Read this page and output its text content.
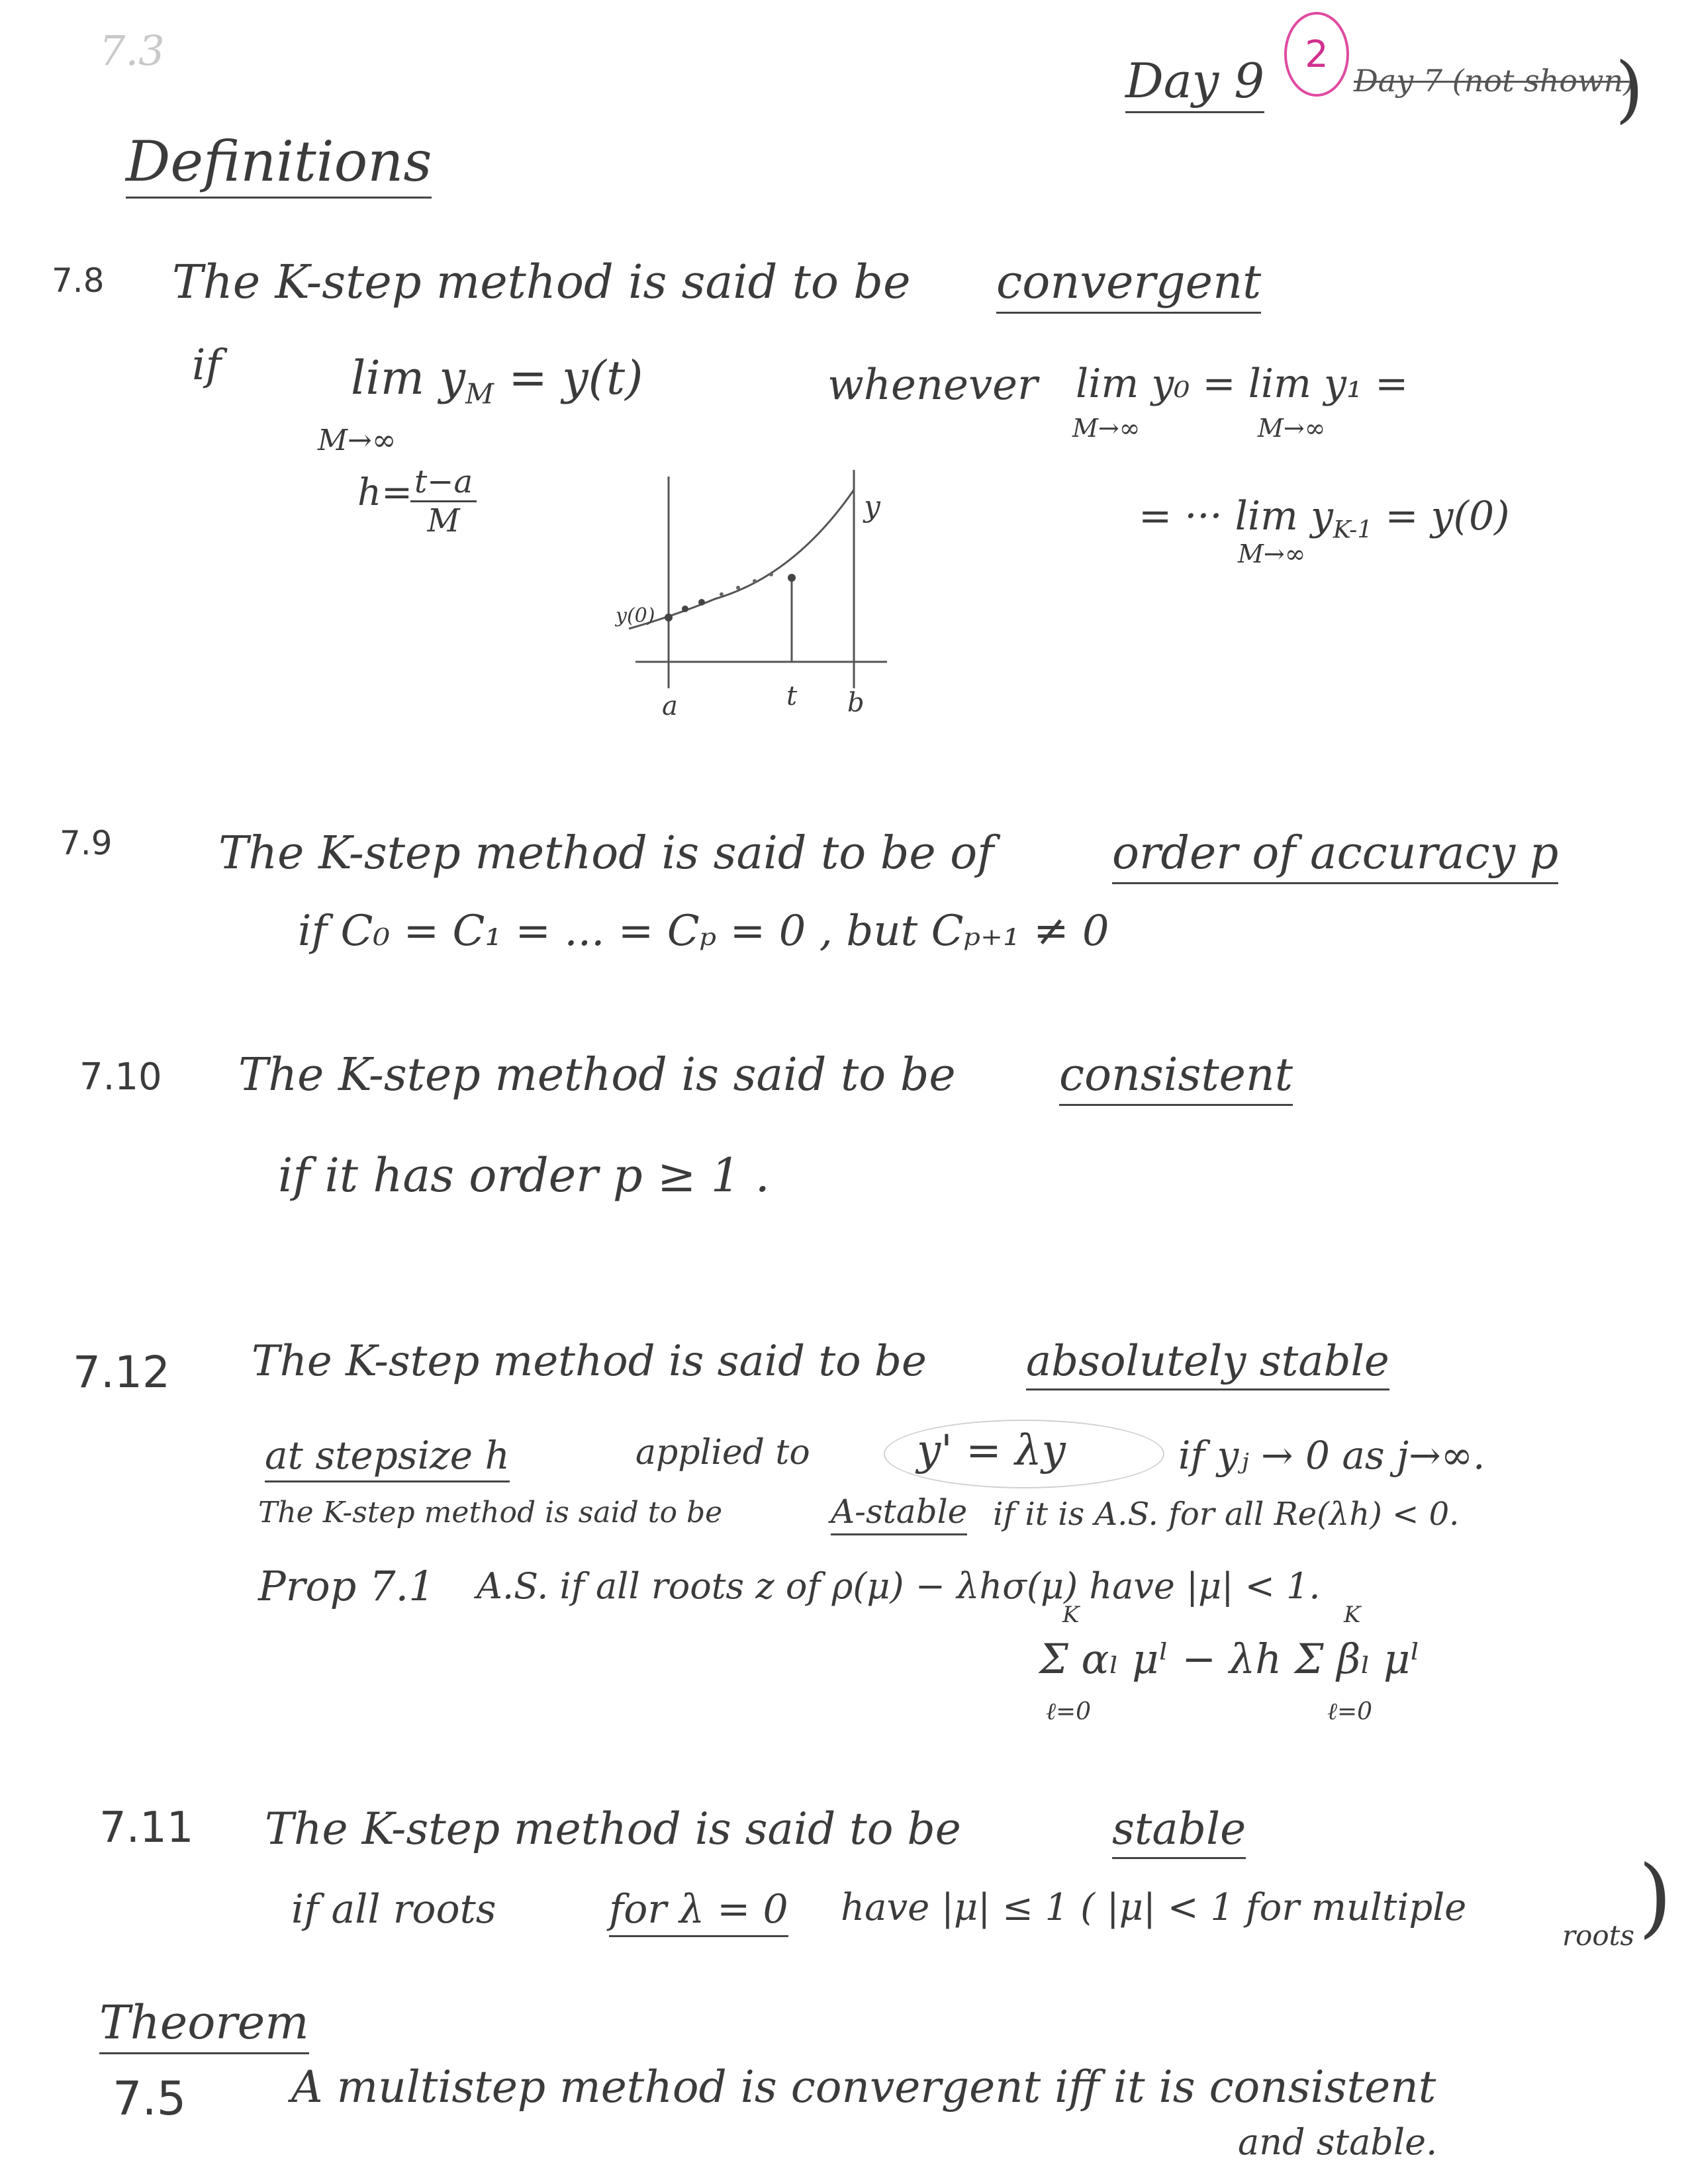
7.3
Day 9 2
Day 7 (not shown)
)
Definitions
7.8 The K-step method is said to be convergent
if	$\lim y_M = y(t)$
M→∞
h=
$\frac{t-a}{M}$
whenever lim y₀ = lim y₁ =
M→∞	M→∞
= ··· $\lim y_{K-1} = y(0)$
M→∞
y(0)
y
a	t b
7.9 The K-step method is said to be of	order of accuracy p
if C₀ = C₁ = ... = Cₚ = 0 , but Cₚ₊₁ ≠ 0
7.10 The K-step method is said to be consistent
if it has order p ≥ 1 .
7.12 The K-step method is said to be absolutely stable
at stepsize h	applied to	y' = λy	if yⱼ → 0 as j→∞.
The K-step method is said to be	A-stable if it is A.S. for all Re(λh) < 0.
Prop 7.1 A.S. if all roots z of ρ(μ) − λhσ(μ) have |μ| < 1.
K	K
Σ αₗ μˡ − λh Σ βₗ μˡ
ℓ=0	ℓ=0
7.11 The K-step method is said to be	stable
if all roots	for λ = 0 have |μ| ≤ 1 ( |μ| < 1 for multiple
roots )
Theorem
7.5 A multistep method is convergent iff it is consistent
and stable.
